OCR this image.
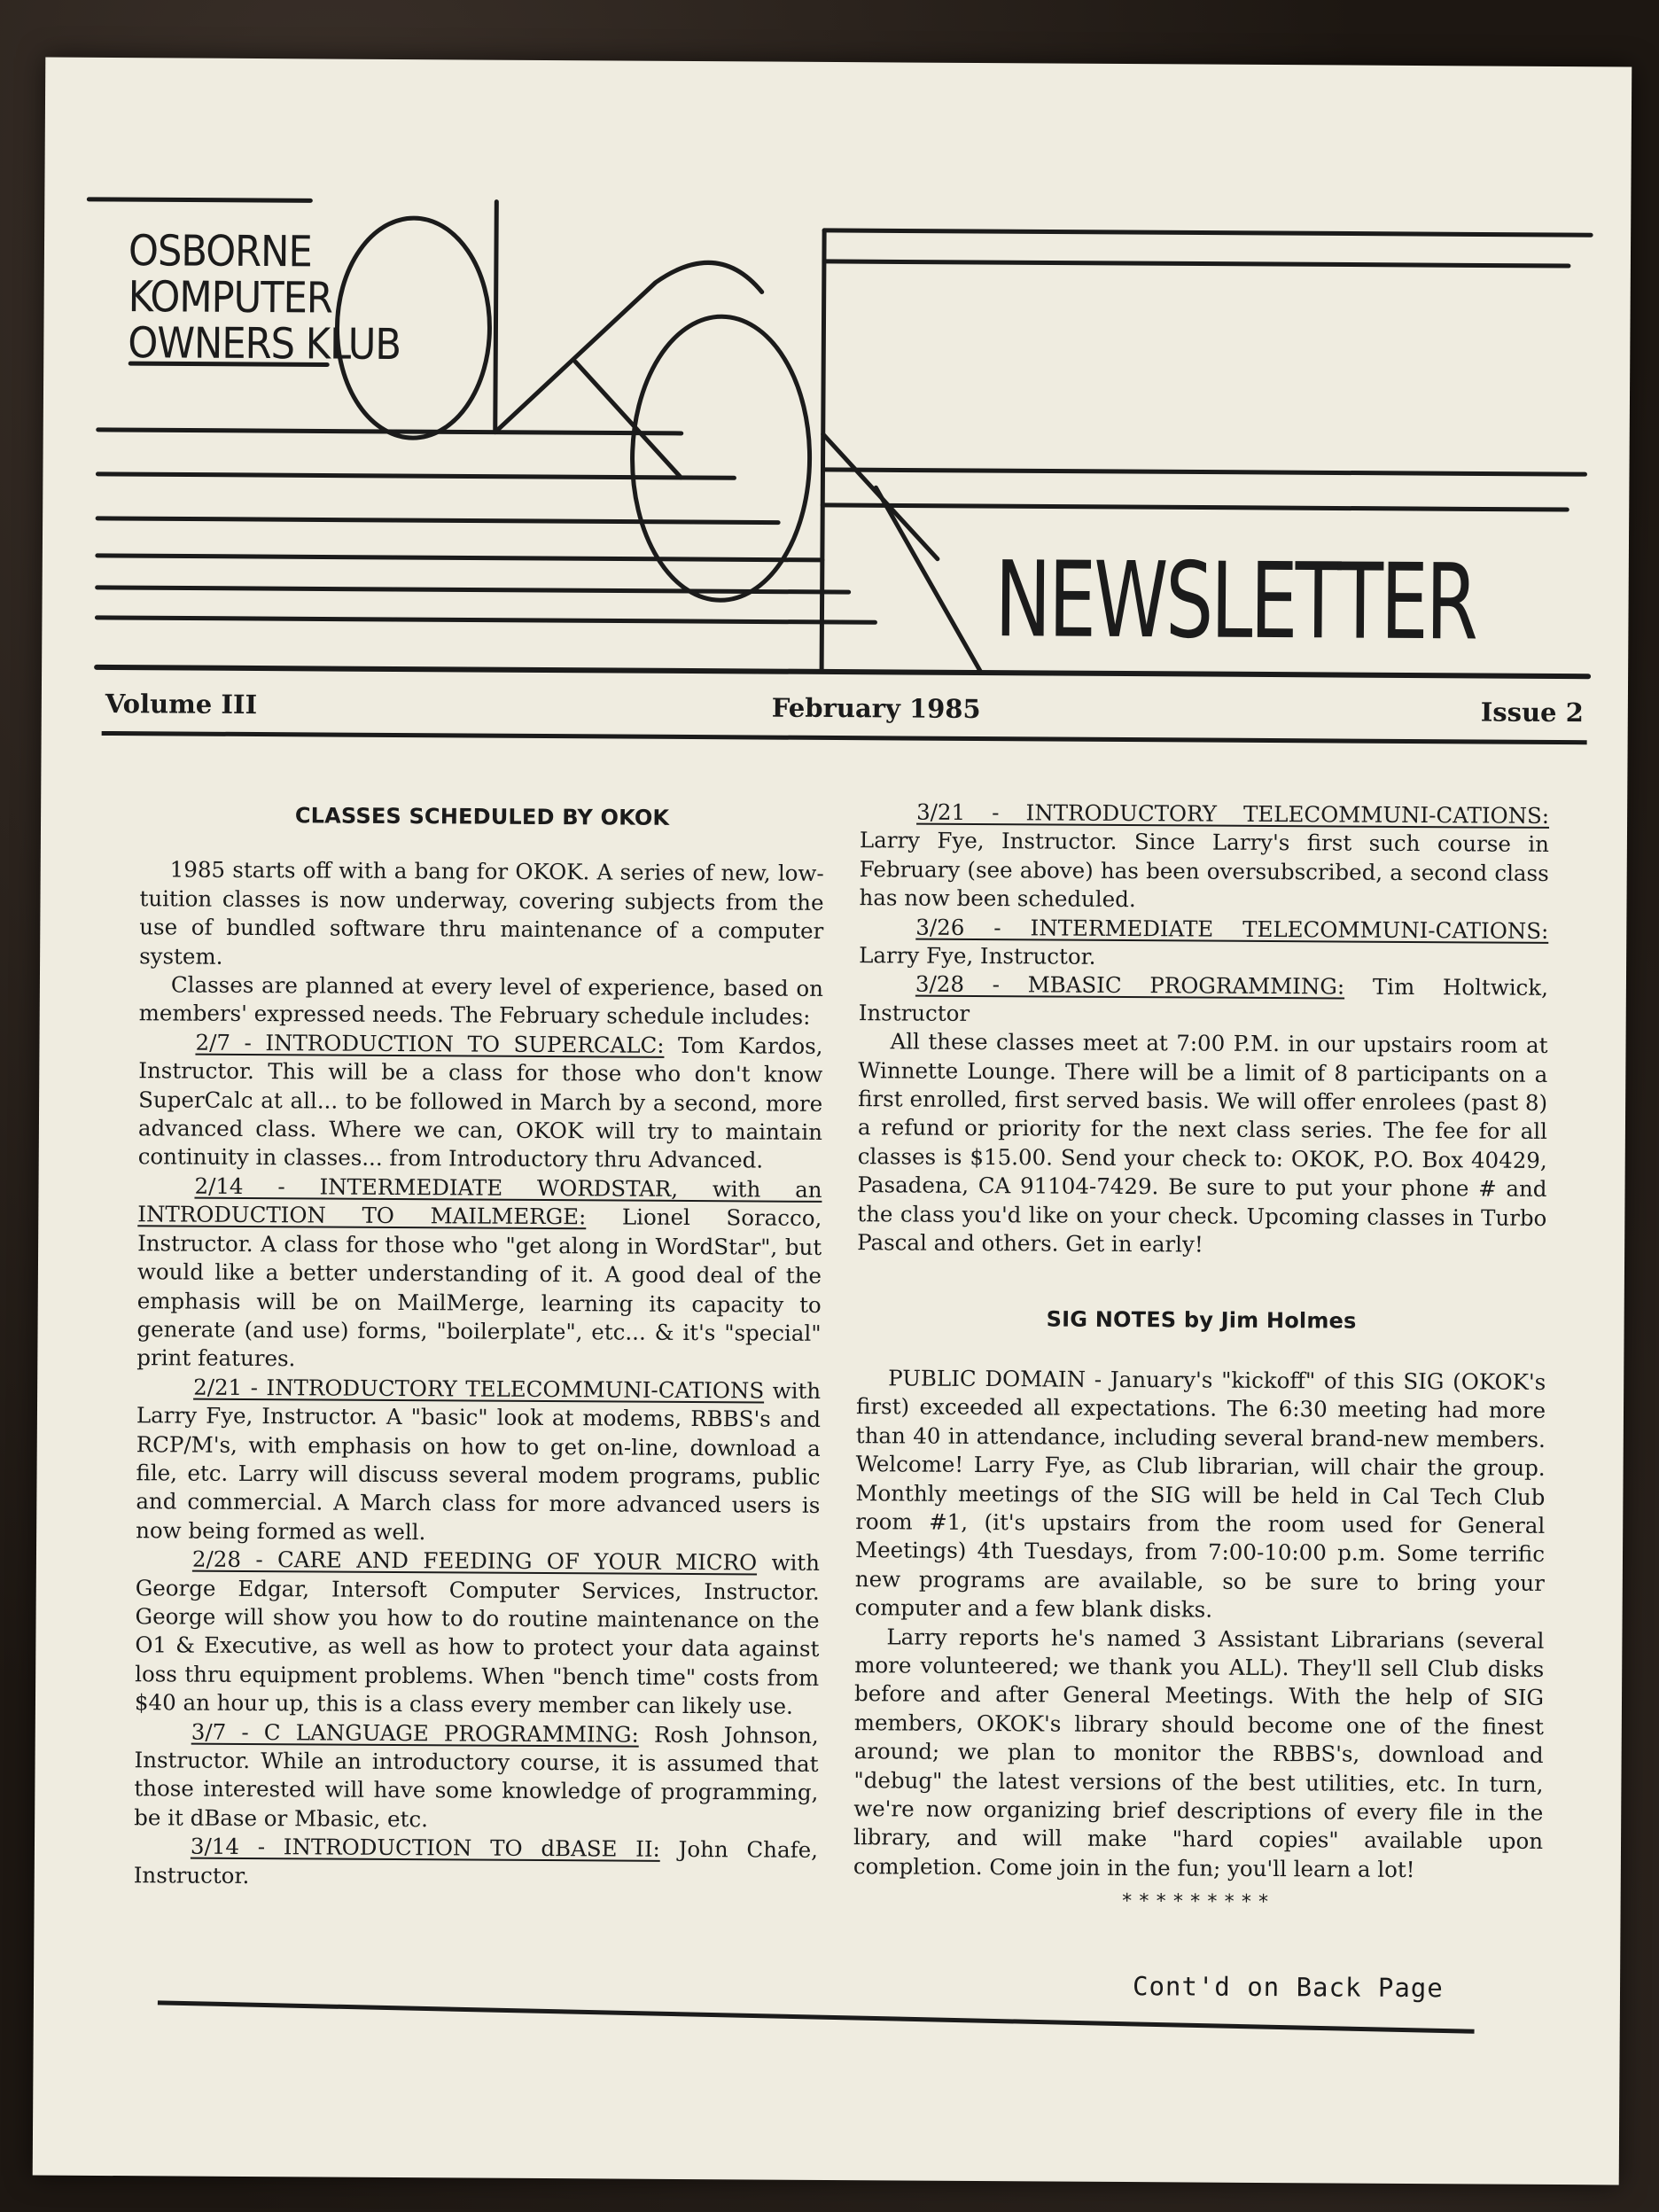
OSBORNE
KOMPUTER
OWNERS KLUB
NEWSLETTER
Volume III	February 1985	Issue 2
CLASSES SCHEDULED BY OKOK

1985 starts off with a bang for OKOK. A series of new, low-tuition classes is now underway, covering subjects from the use of bundled software thru maintenance of a computer system.

Classes are planned at every level of experience, based on members' expressed needs. The February schedule includes:

2/7 - INTRODUCTION TO SUPERCALC: Tom Kardos, Instructor. This will be a class for those who don't know SuperCalc at all... to be followed in March by a second, more advanced class. Where we can, OKOK will try to maintain continuity in classes... from Introductory thru Advanced.

2/14 - INTERMEDIATE WORDSTAR, with an INTRODUCTION TO MAILMERGE: Lionel Soracco, Instructor. A class for those who "get along in WordStar", but would like a better understanding of it. A good deal of the emphasis will be on MailMerge, learning its capacity to generate (and use) forms, "boilerplate", etc... & it's "special" print features.

2/21 - INTRODUCTORY TELECOMMUNI-CATIONS with Larry Fye, Instructor. A "basic" look at modems, RBBS's and RCP/M's, with emphasis on how to get on-line, download a file, etc. Larry will discuss several modem programs, public and commercial. A March class for more advanced users is now being formed as well.

2/28 - CARE AND FEEDING OF YOUR MICRO with George Edgar, Intersoft Computer Services, Instructor. George will show you how to do routine maintenance on the O1 & Executive, as well as how to protect your data against loss thru equipment problems. When "bench time" costs from $40 an hour up, this is a class every member can likely use.

3/7 - C LANGUAGE PROGRAMMING: Rosh Johnson, Instructor. While an introductory course, it is assumed that those interested will have some knowledge of programming, be it dBase or Mbasic, etc.

3/14 - INTRODUCTION TO dBASE II: John Chafe, Instructor.

3/21 - INTRODUCTORY TELECOMMUNI-CATIONS: Larry Fye, Instructor. Since Larry's first such course in February (see above) has been oversubscribed, a second class has now been scheduled.

3/26 - INTERMEDIATE TELECOMMUNI-CATIONS: Larry Fye, Instructor.

3/28 - MBASIC PROGRAMMING: Tim Holtwick, Instructor

All these classes meet at 7:00 P.M. in our upstairs room at Winnette Lounge. There will be a limit of 8 participants on a first enrolled, first served basis. We will offer enrolees (past 8) a refund or priority for the next class series. The fee for all classes is $15.00. Send your check to: OKOK, P.O. Box 40429, Pasadena, CA 91104-7429. Be sure to put your phone # and the class you'd like on your check. Upcoming classes in Turbo Pascal and others. Get in early!

SIG NOTES by Jim Holmes

PUBLIC DOMAIN - January's "kickoff" of this SIG (OKOK's first) exceeded all expectations. The 6:30 meeting had more than 40 in attendance, including several brand-new members. Welcome! Larry Fye, as Club librarian, will chair the group. Monthly meetings of the SIG will be held in Cal Tech Club room #1, (it's upstairs from the room used for General Meetings) 4th Tuesdays, from 7:00-10:00 p.m. Some terrific new programs are available, so be sure to bring your computer and a few blank disks.

Larry reports he's named 3 Assistant Librarians (several more volunteered; we thank you ALL). They'll sell Club disks before and after General Meetings. With the help of SIG members, OKOK's library should become one of the finest around; we plan to monitor the RBBS's, download and "debug" the latest versions of the best utilities, etc. In turn, we're now organizing brief descriptions of every file in the library, and will make "hard copies" available upon completion. Come join in the fun; you'll learn a lot!

*********

Cont'd on Back Page
